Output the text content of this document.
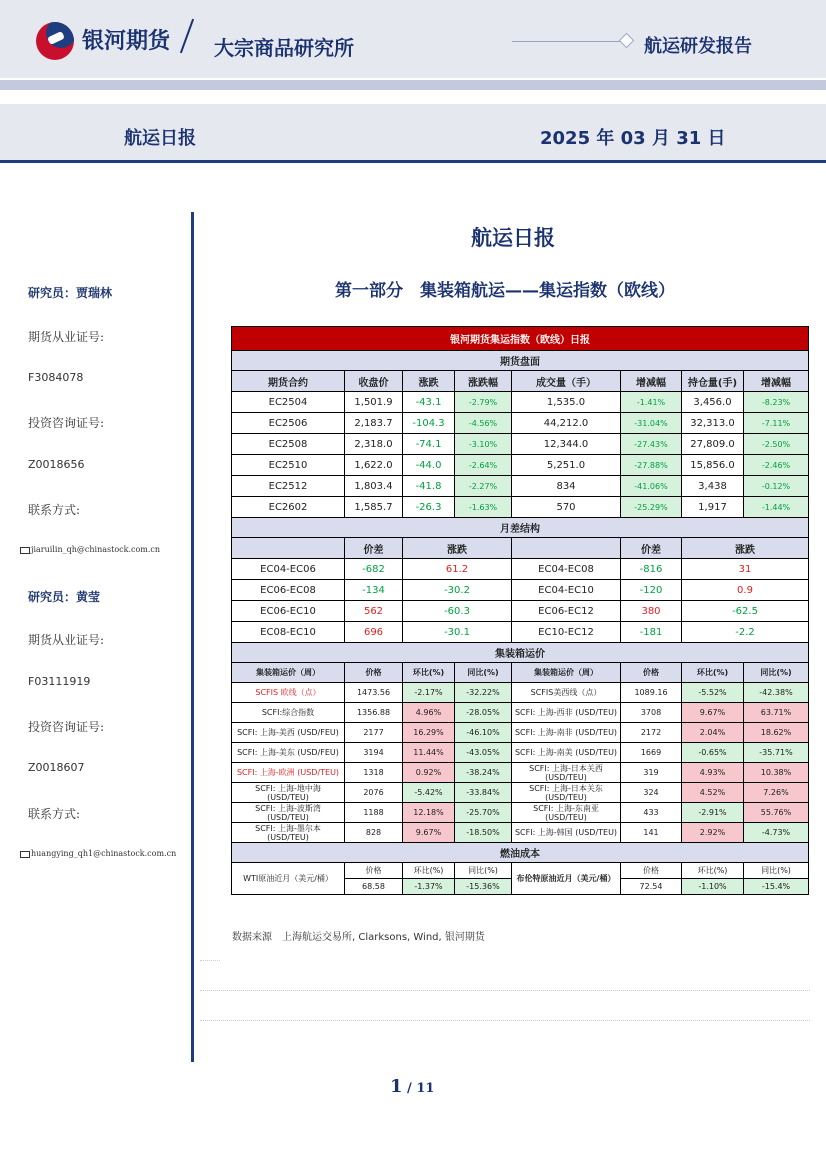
银河期货 大宗商品研究所	航运研发报告
航运日报	2025 年 03 月 31 日
研究员：贾瑞林
期货从业证号:
F3084078
投资咨询证号:
Z0018656
联系方式:
jiaruilin_qh@chinastock.com.cn
研究员：黄莹
期货从业证号:
F03111919
投资咨询证号:
Z0018607
联系方式:
huangying_qh1@chinastock.com.cn
航运日报
第一部分　集装箱航运——集运指数（欧线）
银河期货集运指数（欧线）日报							
期货盘面							
期货合约	收盘价	涨跌	涨跌幅	成交量（手）	增减幅	持仓量(手)	增减幅
EC2504	1,501.9	-43.1	-2.79%	1,535.0	-1.41%	3,456.0	-8.23%
EC2506	2,183.7	-104.3	-4.56%	44,212.0	-31.04%	32,313.0	-7.11%
EC2508	2,318.0	-74.1	-3.10%	12,344.0	-27.43%	27,809.0	-2.50%
EC2510	1,622.0	-44.0	-2.64%	5,251.0	-27.88%	15,856.0	-2.46%
EC2512	1,803.4	-41.8	-2.27%	834	-41.06%	3,438	-0.12%
EC2602	1,585.7	-26.3	-1.63%	570	-25.29%	1,917	-1.44%
月差结构							
	价差	涨跌			价差	涨跌	
EC04-EC06	-682	61.2		EC04-EC08	-816	31	
EC06-EC08	-134	-30.2		EC04-EC10	-120	0.9	
EC06-EC10	562	-60.3		EC06-EC12	380	-62.5	
EC08-EC10	696	-30.1		EC10-EC12	-181	-2.2	
集装箱运价							
集装箱运价（周）	价格	环比(%)	同比(%)	集装箱运价（周）	价格	环比(%)	同比(%)
SCFIS 欧线（点）	1473.56	-2.17%	-32.22%	SCFIS美西线（点）	1089.16	-5.52%	-42.38%
SCFI:综合指数	1356.88	4.96%	-28.05%	SCFI: 上海-西非 (USD/TEU)	3708	9.67%	63.71%
SCFI: 上海-美西 (USD/FEU)	2177	16.29%	-46.10%	SCFI: 上海-南非 (USD/TEU)	2172	2.04%	18.62%
SCFI: 上海-美东 (USD/FEU)	3194	11.44%	-43.05%	SCFI: 上海-南美 (USD/TEU)	1669	-0.65%	-35.71%
SCFI: 上海-欧洲 (USD/TEU)	1318	0.92%	-38.24%	SCFI: 上海-日本关西 (USD/TEU)	319	4.93%	10.38%
SCFI: 上海-地中海 (USD/TEU)	2076	-5.42%	-33.84%	SCFI: 上海-日本关东 (USD/TEU)	324	4.52%	7.26%
SCFI: 上海-波斯湾 (USD/TEU)	1188	12.18%	-25.70%	SCFI: 上海-东南亚 (USD/TEU)	433	-2.91%	55.76%
SCFI: 上海-墨尔本 (USD/TEU)	828	9.67%	-18.50%	SCFI: 上海-韩国 (USD/TEU)	141	2.92%	-4.73%
燃油成本							
WTI原油近月（美元/桶）	价格	环比(%)	同比(%)	布伦特原油近月（美元/桶）	价格	环比(%)	同比(%)
	68.58	-1.37%	-15.36%		72.54	-1.10%	-15.4%
数据来源　上海航运交易所, Clarksons, Wind, 银河期货
1 / 11
